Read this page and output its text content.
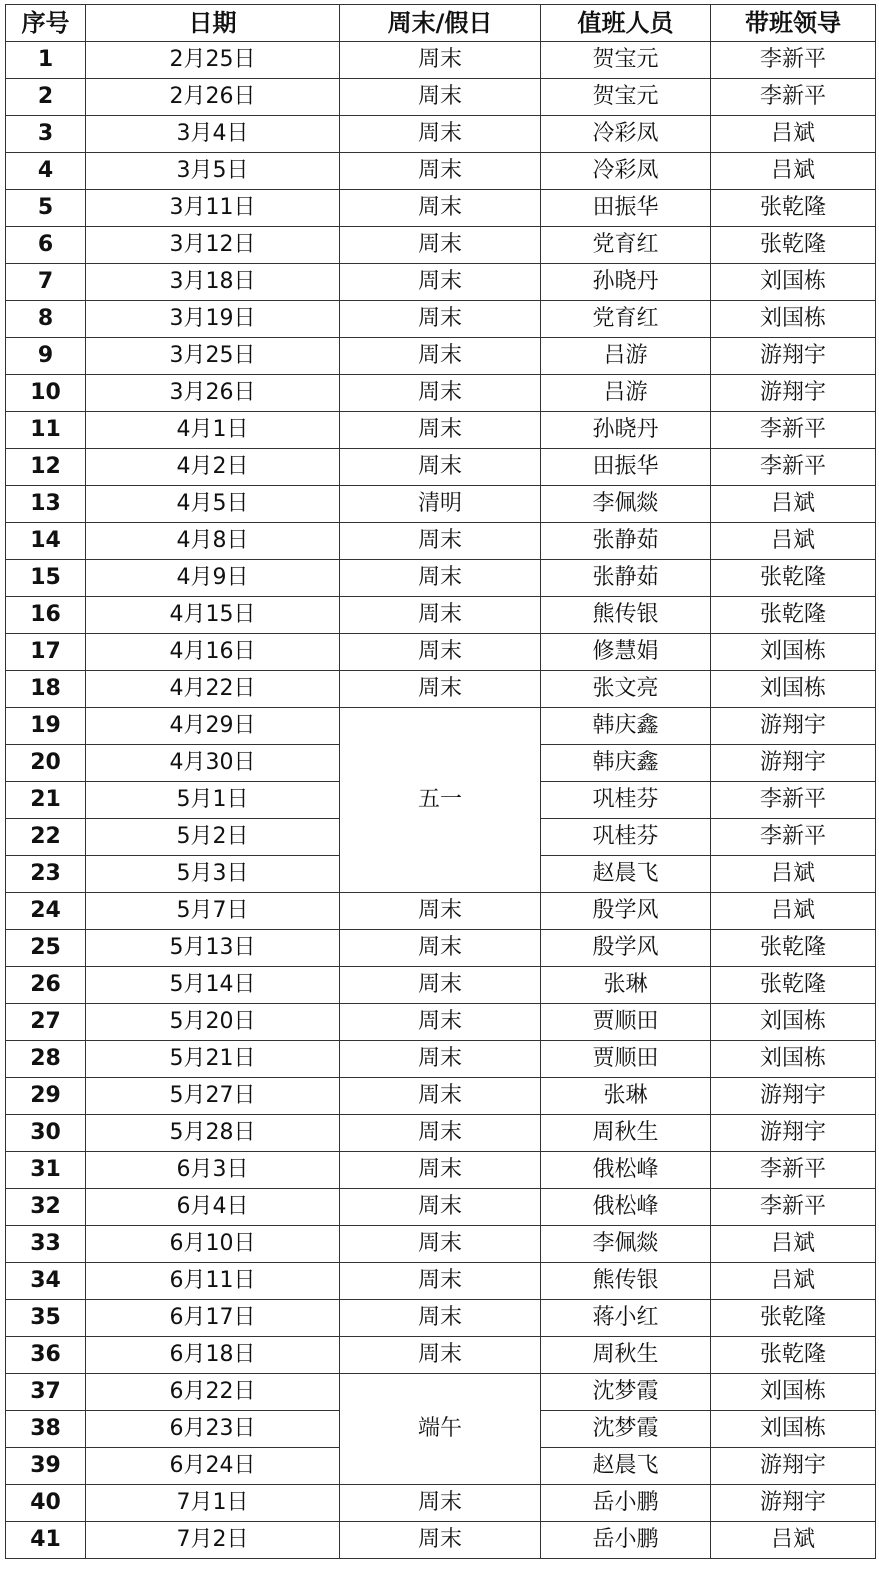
序号	日期	周末/假日	值班人员	带班领导
1	2月25日	周末	贺宝元	李新平
2	2月26日	周末	贺宝元	李新平
3	3月4日	周末	冷彩凤	吕斌
4	3月5日	周末	冷彩凤	吕斌
5	3月11日	周末	田振华	张乾隆
6	3月12日	周末	党育红	张乾隆
7	3月18日	周末	孙晓丹	刘国栋
8	3月19日	周末	党育红	刘国栋
9	3月25日	周末	吕游	游翔宇
10	3月26日	周末	吕游	游翔宇
11	4月1日	周末	孙晓丹	李新平
12	4月2日	周末	田振华	李新平
13	4月5日	清明	李佩燚	吕斌
14	4月8日	周末	张静茹	吕斌
15	4月9日	周末	张静茹	张乾隆
16	4月15日	周末	熊传银	张乾隆
17	4月16日	周末	修慧娟	刘国栋
18	4月22日	周末	张文亮	刘国栋
19	4月29日	五一	韩庆鑫	游翔宇
20	4月30日		韩庆鑫	游翔宇
21	5月1日		巩桂芬	李新平
22	5月2日		巩桂芬	李新平
23	5月3日		赵晨飞	吕斌
24	5月7日	周末	殷学风	吕斌
25	5月13日	周末	殷学风	张乾隆
26	5月14日	周末	张琳	张乾隆
27	5月20日	周末	贾顺田	刘国栋
28	5月21日	周末	贾顺田	刘国栋
29	5月27日	周末	张琳	游翔宇
30	5月28日	周末	周秋生	游翔宇
31	6月3日	周末	俄松峰	李新平
32	6月4日	周末	俄松峰	李新平
33	6月10日	周末	李佩燚	吕斌
34	6月11日	周末	熊传银	吕斌
35	6月17日	周末	蒋小红	张乾隆
36	6月18日	周末	周秋生	张乾隆
37	6月22日	端午	沈梦霞	刘国栋
38	6月23日		沈梦霞	刘国栋
39	6月24日		赵晨飞	游翔宇
40	7月1日	周末	岳小鹏	游翔宇
41	7月2日	周末	岳小鹏	吕斌
